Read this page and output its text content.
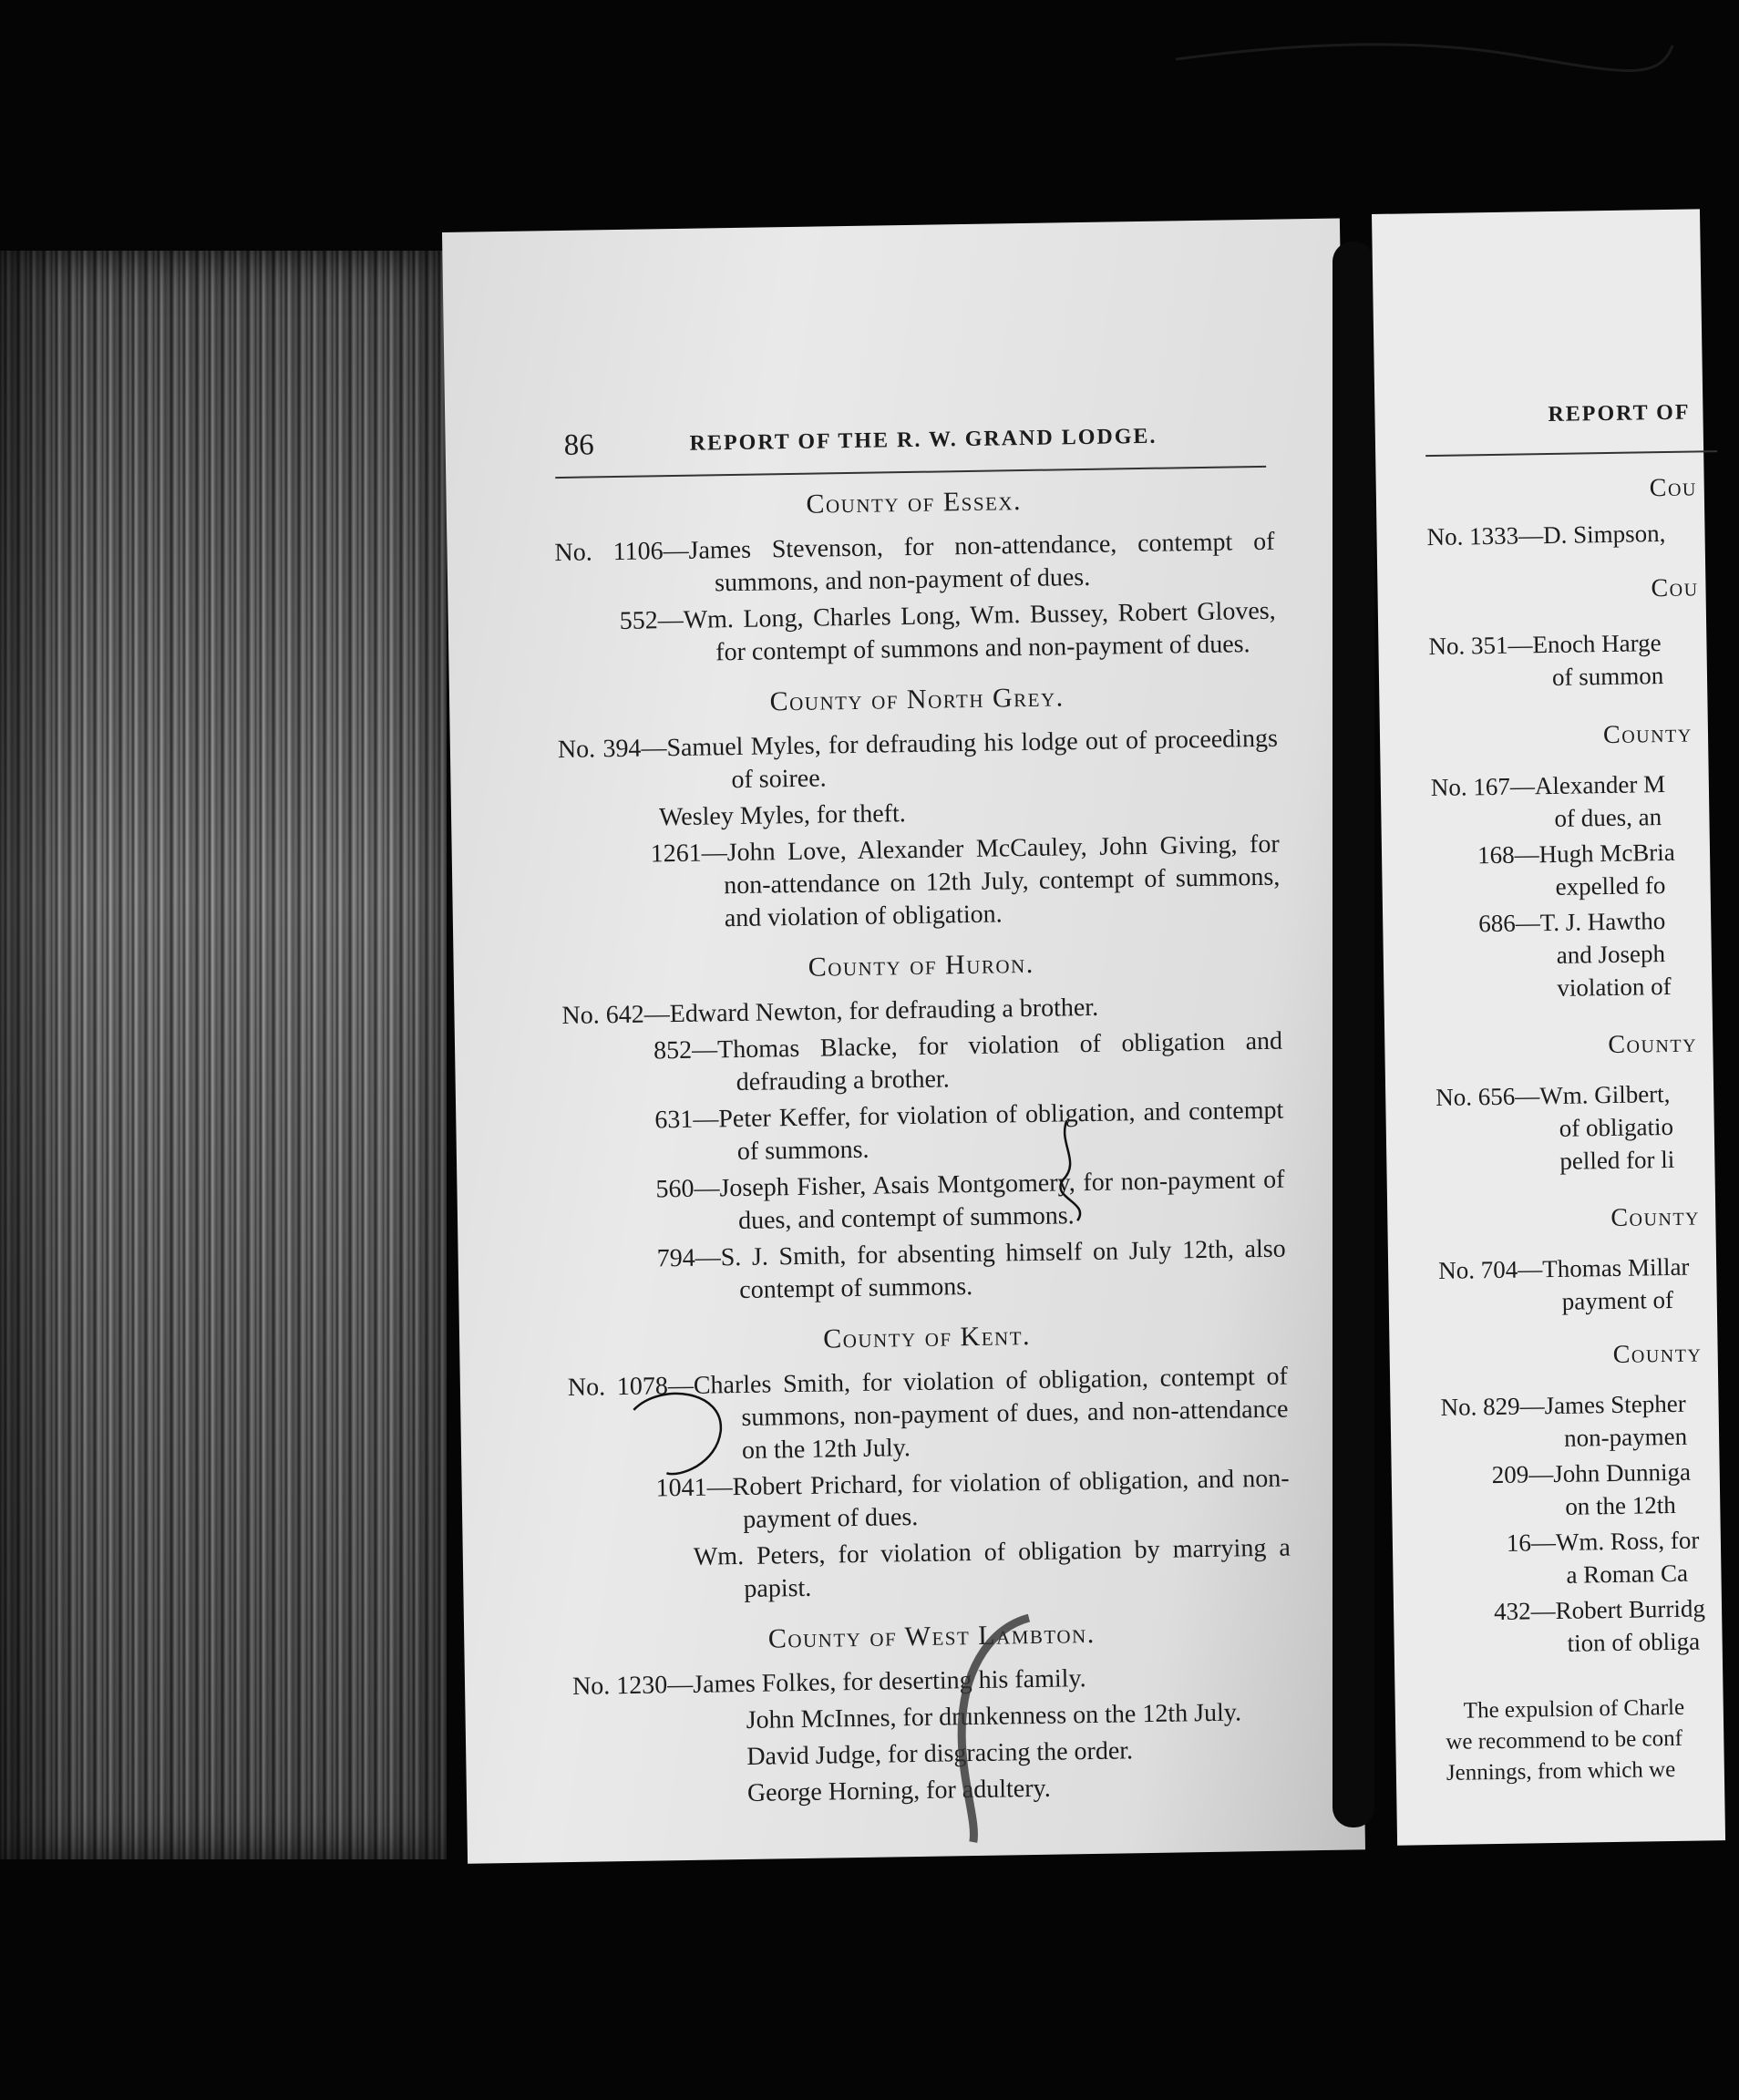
86	REPORT OF THE R. W. GRAND LODGE.
County of Essex.
No. 1106—James Stevenson, for non-attendance, contempt of summons, and non-payment of dues.
552—Wm. Long, Charles Long, Wm. Bussey, Robert Gloves, for contempt of summons and non-payment of dues.
County of North Grey.
No. 394—Samuel Myles, for defrauding his lodge out of proceedings of soiree.
Wesley Myles, for theft.
1261—John Love, Alexander McCauley, John Giving, for non-attendance on 12th July, contempt of summons, and violation of obligation.
County of Huron.
No. 642—Edward Newton, for defrauding a brother.
852—Thomas Blacke, for violation of obligation and defrauding a brother.
631—Peter Keffer, for violation of obligation, and contempt of summons.
560—Joseph Fisher, Asais Montgomery, for non-payment of dues, and contempt of summons.
794—S. J. Smith, for absenting himself on July 12th, also contempt of summons.
County of Kent.
No. 1078—Charles Smith, for violation of obligation, contempt of summons, non-payment of dues, and non-attendance on the 12th July.
1041—Robert Prichard, for violation of obligation, and non-payment of dues.
Wm. Peters, for violation of obligation by marrying a papist.
County of West Lambton.
No. 1230—James Folkes, for deserting his family.
John McInnes, for drunkenness on the 12th July.
David Judge, for disgracing the order.
George Horning, for adultery.
REPORT OF
Cou
No. 1333—D. Simpson,
Cou
No. 351—Enoch Harge
of summon
County
No. 167—Alexander M
of dues, an
168—Hugh McBria
expelled fo
686—T. J. Hawtho
and Joseph
violation of
County
No. 656—Wm. Gilbert,
of obligatio
pelled for li
County
No. 704—Thomas Millar
payment of
County
No. 829—James Stepher
non-paymen
209—John Dunniga
on the 12th
16—Wm. Ross, for
a Roman Ca
432—Robert Burridg
tion of obliga
The expulsion of Charle
we recommend to be conf
Jennings, from which we
